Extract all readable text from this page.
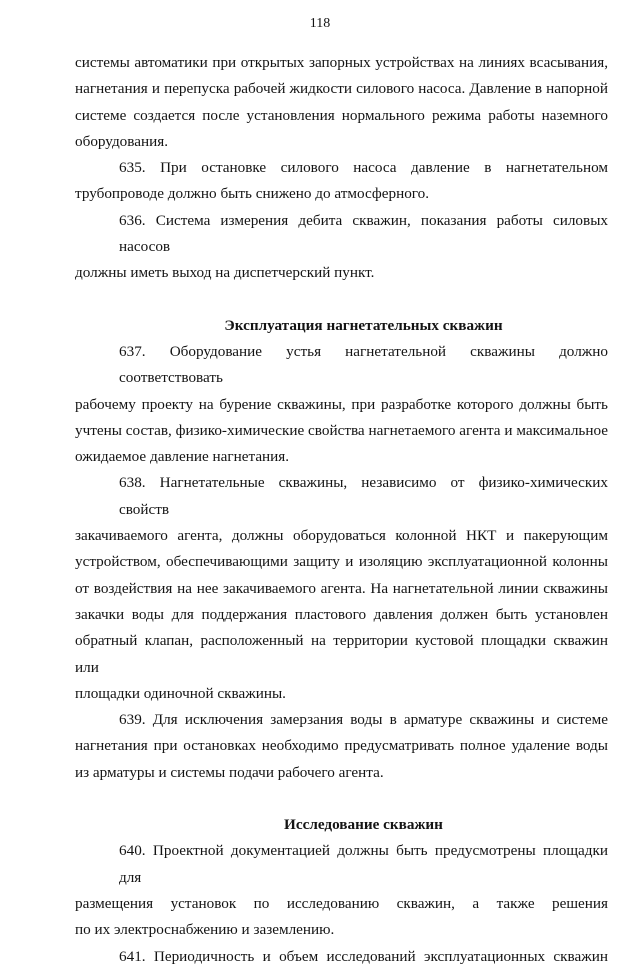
118
системы автоматики при открытых запорных устройствах на линиях всасывания,
нагнетания и перепуска рабочей жидкости силового насоса. Давление в напорной
системе создается после установления нормального режима работы наземного
оборудования.
635. При остановке силового насоса давление в нагнетательном
трубопроводе должно быть снижено до атмосферного.
636. Система измерения дебита скважин, показания работы силовых насосов
должны иметь выход на диспетчерский пункт.
Эксплуатация нагнетательных скважин
637. Оборудование устья нагнетательной скважины должно соответствовать
рабочему проекту на бурение скважины, при разработке которого должны быть
учтены состав, физико-химические свойства нагнетаемого агента и максимальное
ожидаемое давление нагнетания.
638. Нагнетательные скважины, независимо от физико-химических свойств
закачиваемого агента, должны оборудоваться колонной НКТ и пакерующим
устройством, обеспечивающими защиту и изоляцию эксплуатационной колонны
от воздействия на нее закачиваемого агента. На нагнетательной линии скважины
закачки воды для поддержания пластового давления должен быть установлен
обратный клапан, расположенный на территории кустовой площадки скважин или
площадки одиночной скважины.
639. Для исключения замерзания воды в арматуре скважины и системе
нагнетания при остановках необходимо предусматривать полное удаление воды
из арматуры и системы подачи рабочего агента.
Исследование скважин
640. Проектной документацией должны быть предусмотрены площадки для
размещения установок по исследованию скважин, а также решения
по их электроснабжению и заземлению.
641. Периодичность и объем исследований эксплуатационных скважин
